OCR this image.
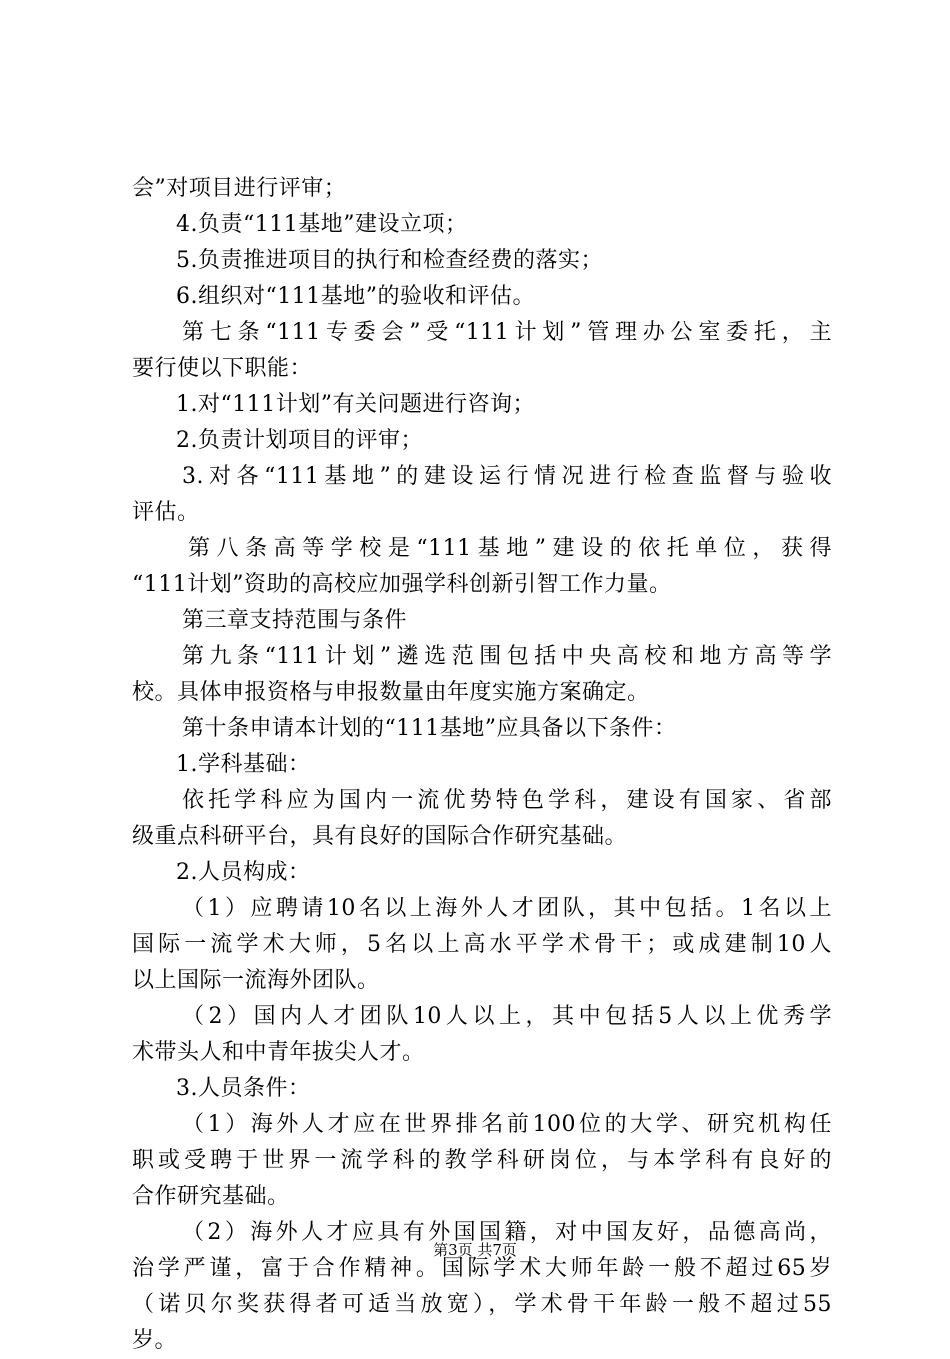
会”对项目进行评审；
4.负责“111基地”建设立项；
5.负责推进项目的执行和检查经费的落实；
6.组织对“111基地”的验收和评估。
第七条“111专委会”受“111计划”管理办公室委托，主
要行使以下职能：
1.对“111计划”有关问题进行咨询；
2.负责计划项目的评审；
3.对各“111基地”的建设运行情况进行检查监督与验收
评估。
第八条高等学校是“111基地”建设的依托单位，获得
“111计划”资助的高校应加强学科创新引智工作力量。
第三章支持范围与条件
第九条“111计划”遴选范围包括中央高校和地方高等学
校。具体申报资格与申报数量由年度实施方案确定。
第十条申请本计划的“111基地”应具备以下条件：
1.学科基础：
依托学科应为国内一流优势特色学科，建设有国家、省部
级重点科研平台，具有良好的国际合作研究基础。
2.人员构成：
（1）应聘请10名以上海外人才团队，其中包括。1名以上
国际一流学术大师，5名以上高水平学术骨干；或成建制10人
以上国际一流海外团队。
（2）国内人才团队10人以上，其中包括5人以上优秀学
术带头人和中青年拔尖人才。
3.人员条件：
（1）海外人才应在世界排名前100位的大学、研究机构任
职或受聘于世界一流学科的教学科研岗位，与本学科有良好的
合作研究基础。
（2）海外人才应具有外国国籍，对中国友好，品德高尚，
治学严谨，富于合作精神。国际学术大师年龄一般不超过65岁
（诺贝尔奖获得者可适当放宽），学术骨干年龄一般不超过55
岁。
第3页 共7页
